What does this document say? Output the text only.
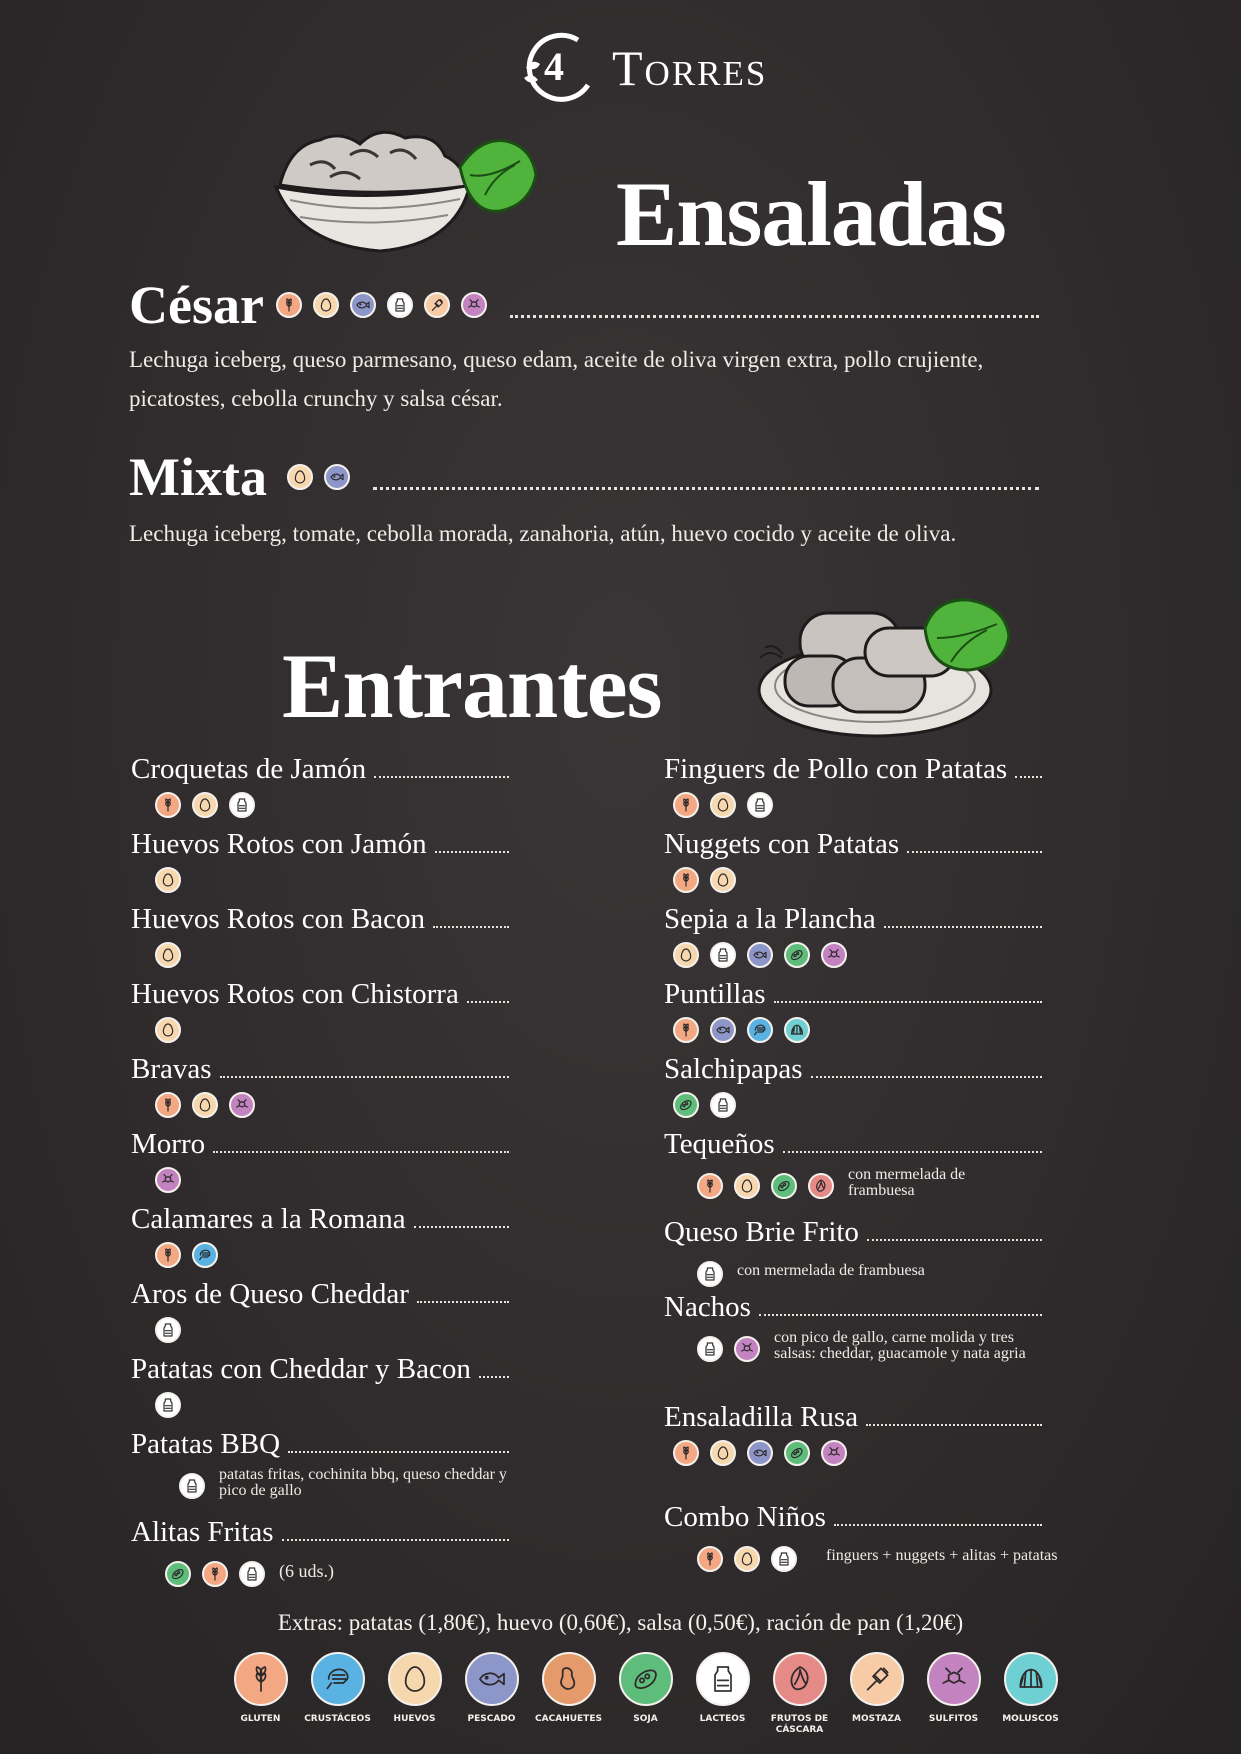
4 Torres
Ensaladas
César
Lechuga iceberg, queso parmesano, queso edam, aceite de oliva virgen extra, pollo crujiente, picatostes, cebolla crunchy y salsa césar.
Mixta
Lechuga iceberg, tomate, cebolla morada, zanahoria, atún, huevo cocido y aceite de oliva.
Entrantes
Croquetas de Jamón
Huevos Rotos con Jamón
Huevos Rotos con Bacon
Huevos Rotos con Chistorra
Bravas
Morro
Calamares a la Romana
Aros de Queso Cheddar
Patatas con Cheddar y Bacon
Patatas BBQ
patatas fritas, cochinita bbq, queso cheddar y pico de gallo
Alitas Fritas
(6 uds.)
Finguers de Pollo con Patatas
Nuggets con Patatas
Sepia a la Plancha
Puntillas
Salchipapas
Tequeños
con mermelada de frambuesa
Queso Brie Frito
con mermelada de frambuesa
Nachos
con pico de gallo, carne molida y tres salsas: cheddar, guacamole y nata agria
Ensaladilla Rusa
Combo Niños
finguers + nuggets + alitas + patatas
Extras: patatas (1,80€), huevo (0,60€), salsa (0,50€), ración de pan (1,20€)
GLUTEN	CRUSTÁCEOS	HUEVOS	PESCADO	CACAHUETES	SOJA	LACTEOS	FRUTOS DE CÁSCARA
MOSTAZA	SULFITOS	MOLUSCOS
